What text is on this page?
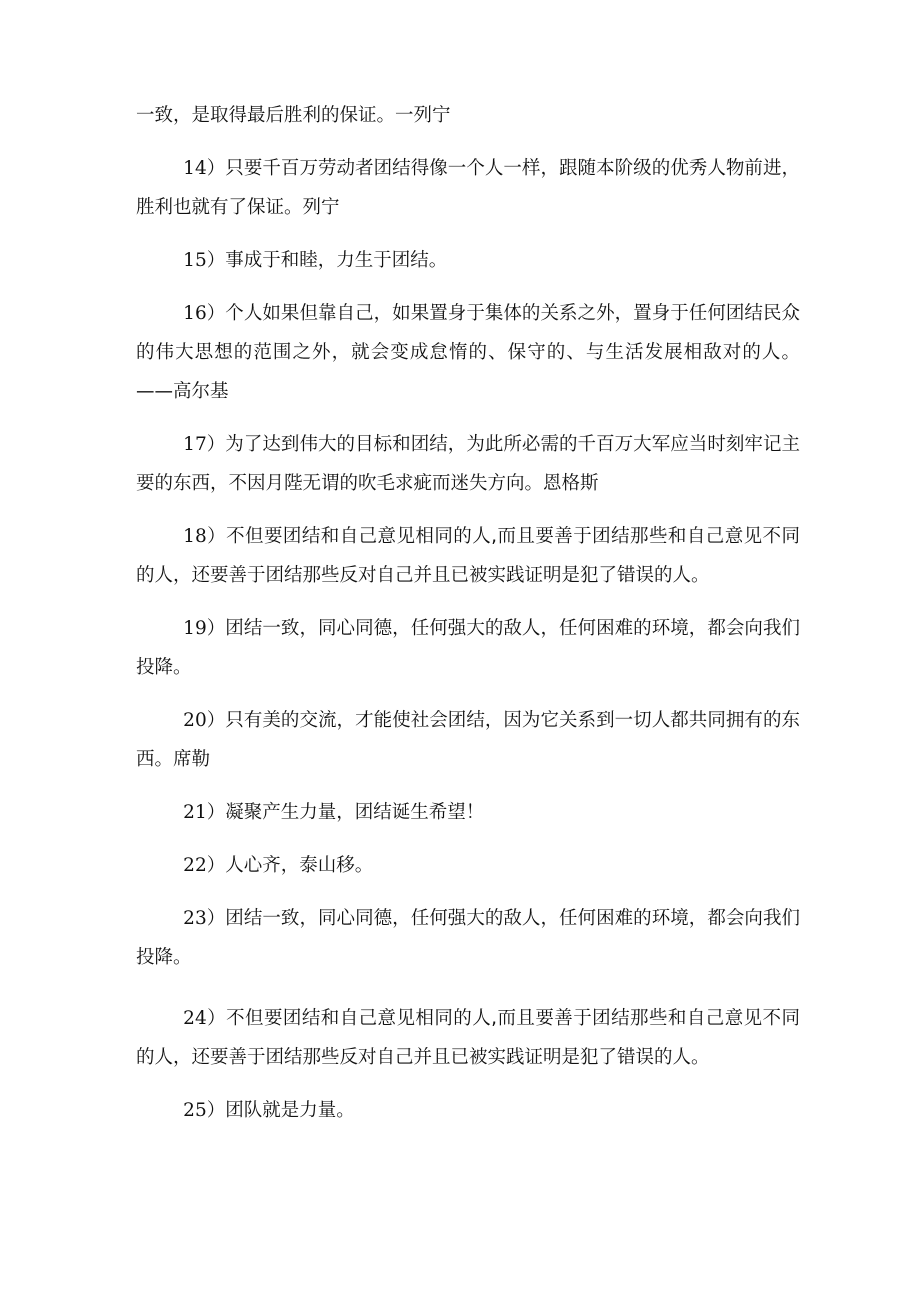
一致，是取得最后胜利的保证。一列宁

14）只要千百万劳动者团结得像一个人一样，跟随本阶级的优秀人物前进，胜利也就有了保证。列宁

15）事成于和睦，力生于团结。

16）个人如果但靠自己，如果置身于集体的关系之外，置身于任何团结民众的伟大思想的范围之外，就会变成怠惰的、保守的、与生活发展相敌对的人。——高尔基

17）为了达到伟大的目标和团结，为此所必需的千百万大军应当时刻牢记主要的东西，不因月陛无谓的吹毛求疵而迷失方向。恩格斯

18）不但要团结和自己意见相同的人,而且要善于团结那些和自己意见不同的人，还要善于团结那些反对自己并且已被实践证明是犯了错误的人。

19）团结一致，同心同德，任何强大的敌人，任何困难的环境，都会向我们投降。

20）只有美的交流，才能使社会团结，因为它关系到一切人都共同拥有的东西。席勒

21）凝聚产生力量，团结诞生希望！

22）人心齐，泰山移。

23）团结一致，同心同德，任何强大的敌人，任何困难的环境，都会向我们投降。

24）不但要团结和自己意见相同的人,而且要善于团结那些和自己意见不同的人，还要善于团结那些反对自己并且已被实践证明是犯了错误的人。

25）团队就是力量。
